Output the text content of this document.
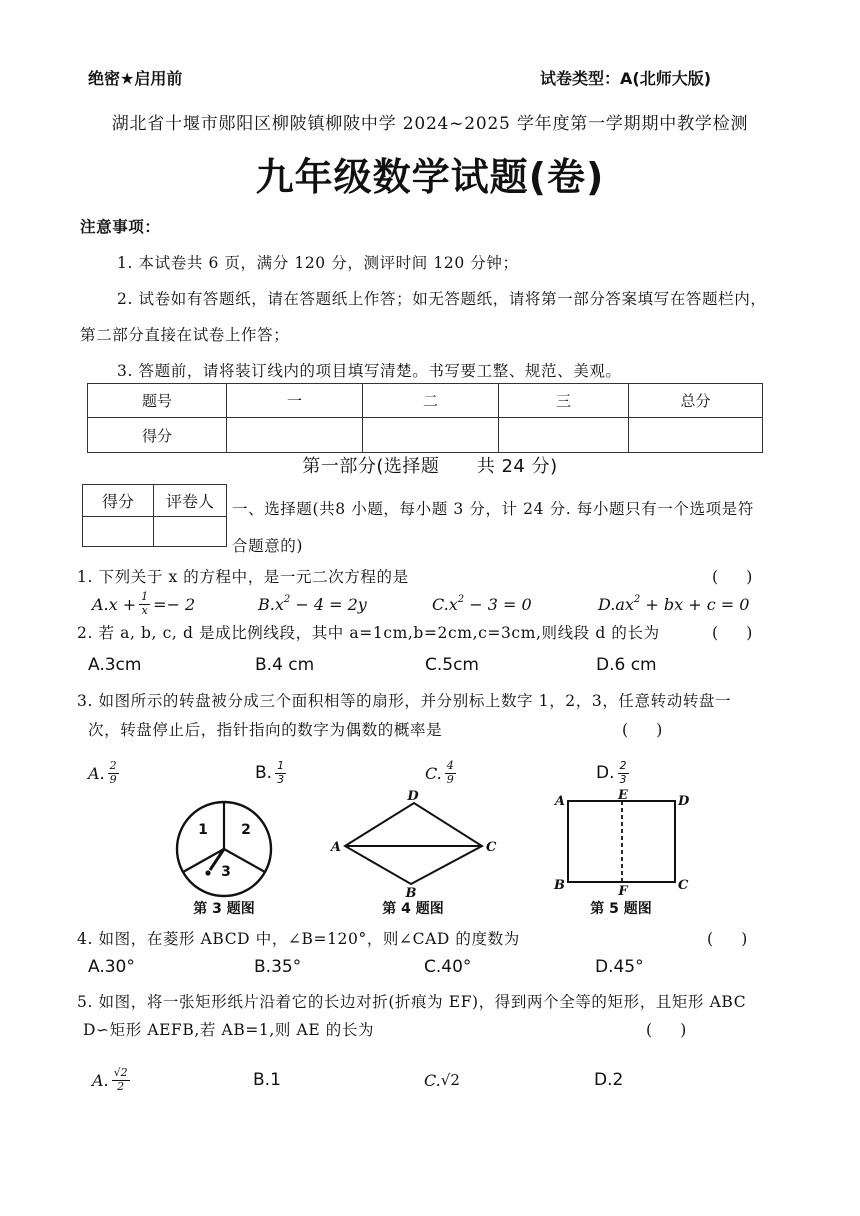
绝密★启用前	试卷类型：A(北师大版)
湖北省十堰市郧阳区柳陂镇柳陂中学 2024~2025 学年度第一学期期中教学检测
九年级数学试题(卷)
注意事项：
1. 本试卷共 6 页，满分 120 分，测评时间 120 分钟；
2. 试卷如有答题纸，请在答题纸上作答；如无答题纸，请将第一部分答案填写在答题栏内，
第二部分直接在试卷上作答；
3. 答题前，请将装订线内的项目填写清楚。书写要工整、规范、美观。
题号	一	二	三	总分
得分				
第一部分(选择题      共 24 分)
得分	评卷人
	一、选择题(共8 小题，每小题 3 分，计 24 分. 每小题只有一个选项是符
合题意的)
1. 下列关于 x 的方程中，是一元二次方程的是	(     )
$A.x + \frac{1}{x} =- 2$	$B.x^2 - 4 = 2y$	$C.x^2 - 3 = 0$	$D.ax^2$ + bx + c = 0
2. 若 a, b, c, d 是成比例线段，其中 a=1cm,b=2cm,c=3cm,则线段 d 的长为	(     )
A.3cm	B.4 cm	C.5cm	D.6 cm
3. 如图所示的转盘被分成三个面积相等的扇形，并分别标上数字 1，2，3，任意转动转盘一
次，转盘停止后，指针指向的数字为偶数的概率是	(     )
A. $\frac{2}{9}$	B. $\frac{1}{3}$	C. $\frac{4}{9}$	D. $\frac{2}{3}$
1 2
3
第 3 题图
A
D
C
B
第 4 题图
A	E	D
B	F	C
第 5 题图
4. 如图，在菱形 ABCD 中，∠B=120°，则∠CAD 的度数为	(     )
A.30°	B.35°	C.40°	D.45°
5. 如图，将一张矩形纸片沿着它的长边对折(折痕为 EF)，得到两个全等的矩形，且矩形 ABC
D∽矩形 AEFB,若 AB=1,则 AE 的长为	(     )
A. $\frac{√2}{2}$	B.1	C. √2	D.2
